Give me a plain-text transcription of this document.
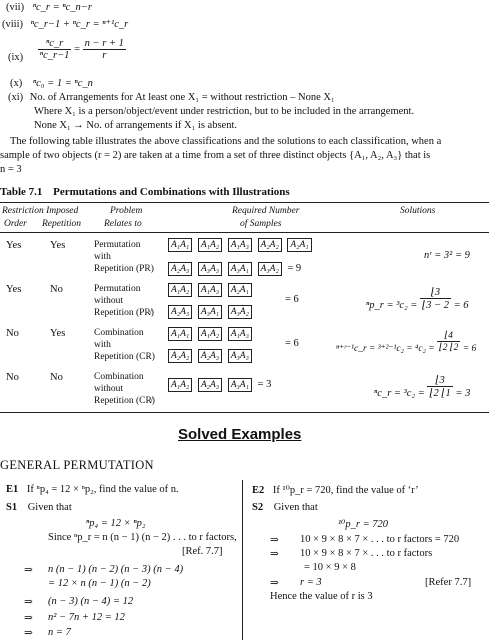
(vii) ⁿc_r = ⁿc_n−r
(viii) ⁿc_r−1 + ⁿc_r = ⁿ⁺¹c_r
$(ix) \frac{\text{ⁿc\_r}}{\text{ⁿc\_r−1}} = \frac{n - r + 1}{r}$
(x) ⁿc₀ = 1 = ⁿc_n
(xi) No. of Arrangements for At least one X₁ = without restriction – None X₁
Where X₁ is a person/object/event under restriction, but to be included in the arrangement.
None X₁ → No. of arrangements if X₁ is absent.
The following table illustrates the above classifications and the solutions to each classification, when a
sample of two objects (r = 2) are taken at a time from a set of three distinct objects {A₁, A₂, A₃} that is
n = 3
Table 7.1 Permutations and Combinations with Illustrations
Restriction Imposed
Order Repetition
Problem
Relates to
Required Number
of Samples
Solutions
Yes	Yes	Permutation
with
Repetition (PR)
A₁A₁ A₁A₂ A₁A₃ A₂A₂ A₂A₁
A₂A₃ A₃A₃ A₃A₁ A₃A₂ = 9
nʳ = 3² = 9
Yes	No	Permutation
without
Repetition (PR̸)
A₁A₂ A₁A₃ A₂A₁
= 6
A₂A₃ A₃A₁ A₃A₂
ⁿp_r = $^3c_2 = \frac{⌊3}{⌊3 - 2} = 6$
No	Yes	Combination
with
Repetition (CR)
A₁A₁ A₁A₂ A₁A₃
= 6
A₂A₂ A₂A₃ A₃A₃
ⁿ⁺ʳ⁻¹c_r = $^{3+2-1}c_2 = ^4c_2 = \frac{⌊4}{⌊2 ⌊2} = 6$
No	No	Combination
without
Repetition (CR̸)
A₁A₂ A₂A₃ A₃A₁ = 3
ⁿc_r = $^3c_2 = \frac{⌊3}{⌊2 ⌊1} = 3$
Solved Examples
GENERAL PERMUTATION
E1 If ⁿp₄ = 12 × ⁿp₂, find the value of n.
S1 Given that
ⁿp₄ = 12 × ⁿp₂
Since ⁿp_r = n (n − 1) (n − 2) . . . to r factors,
[Ref. 7.7]
⇒ n (n − 1) (n − 2) (n − 3) (n − 4)
= 12 × n (n − 1) (n − 2)
⇒ (n − 3) (n − 4) = 12
⇒ n² − 7n + 12 = 12
⇒ n = 7
E2 If ¹⁰p_r = 720, find the value of ‘r’
S2 Given that
¹⁰p_r = 720
⇒ 10 × 9 × 8 × 7 × . . . to r factors = 720
⇒ 10 × 9 × 8 × 7 × . . . to r factors
= 10 × 9 × 8
⇒ r = 3	[Refer 7.7]
Hence the value of r is 3
